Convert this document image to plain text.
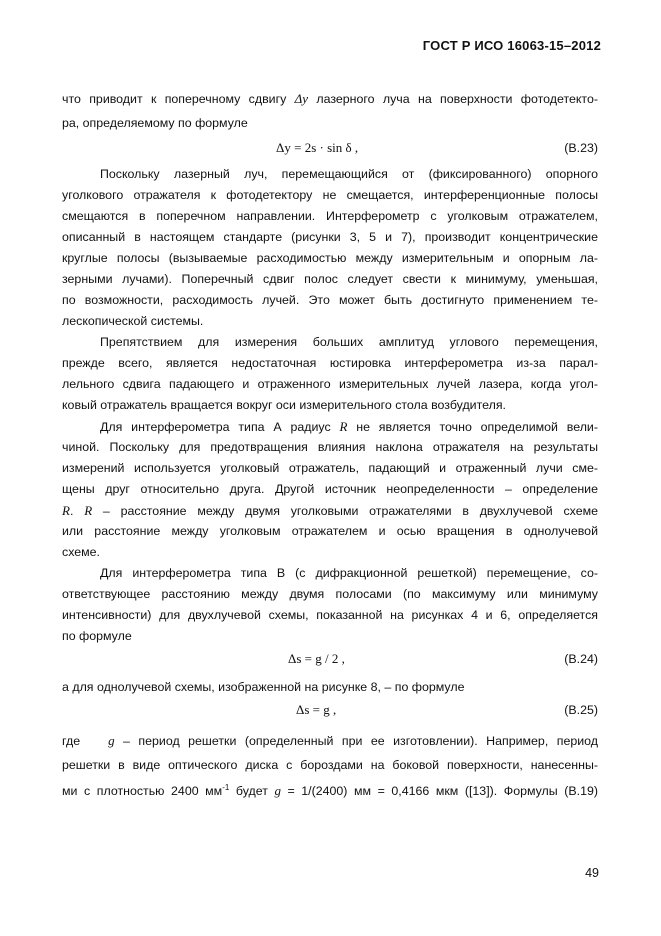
ГОСТ Р ИСО 16063-15–2012
что приводит к поперечному сдвигу Δy лазерного луча на поверхности фотодетекто-
ра, определяемому по формуле
Δy = 2s · sin δ ,	(В.23)
Поскольку лазерный луч, перемещающийся от (фиксированного) опорного
уголкового отражателя к фотодетектору не смещается, интерференционные полосы
смещаются в поперечном направлении. Интерферометр с уголковым отражателем,
описанный в настоящем стандарте (рисунки 3, 5 и 7), производит концентрические
круглые полосы (вызываемые расходимостью между измерительным и опорным ла-
зерными лучами). Поперечный сдвиг полос следует свести к минимуму, уменьшая,
по возможности, расходимость лучей. Это может быть достигнуто применением те-
лескопической системы.
Препятствием для измерения больших амплитуд углового перемещения,
прежде всего, является недостаточная юстировка интерферометра из-за парал-
лельного сдвига падающего и отраженного измерительных лучей лазера, когда угол-
ковый отражатель вращается вокруг оси измерительного стола возбудителя.
Для интерферометра типа А радиус R не является точно определимой вели-
чиной. Поскольку для предотвращения влияния наклона отражателя на результаты
измерений используется уголковый отражатель, падающий и отраженный лучи сме-
щены друг относительно друга. Другой источник неопределенности – определение
R. R – расстояние между двумя уголковыми отражателями в двухлучевой схеме
или расстояние между уголковым отражателем и осью вращения в однолучевой
схеме.
Для интерферометра типа В (с дифракционной решеткой) перемещение, со-
ответствующее расстоянию между двумя полосами (по максимуму или минимуму
интенсивности) для двухлучевой схемы, показанной на рисунках 4 и 6, определяется
по формуле
Δs = g / 2 ,	(В.24)
а для однолучевой схемы, изображенной на рисунке 8, – по формуле
Δs = g ,	(В.25)
где g – период решетки (определенный при ее изготовлении). Например, период
решетки в виде оптического диска с бороздами на боковой поверхности, нанесенны-
ми с плотностью 2400 $мм^{-1}$ будет g = 1/(2400) мм = 0,4166 мкм ([13]). Формулы (В.19)
49
